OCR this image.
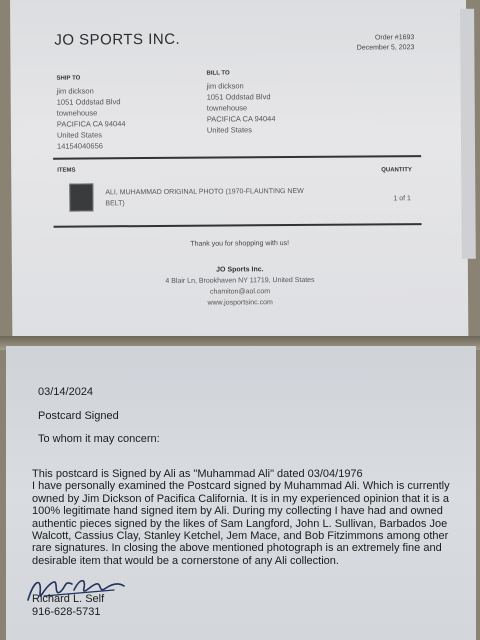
JO SPORTS INC.	Order #1693
December 5, 2023
SHIP TO
jim dickson
1051 Oddstad Blvd
townehouse
PACIFICA CA 94044
United States
14154040656
BILL TO
jim dickson
1051 Oddstad Blvd
townehouse
PACIFICA CA 94044
United States
ITEMS	QUANTITY
ALI, MUHAMMAD ORIGINAL PHOTO (1970-FLAUNTING NEW
BELT)
1 of 1
Thank you for shopping with us!
JO Sports Inc.
4 Blair Ln, Brookhaven NY 11719, United States
chamiton@aol.com
www.josportsinc.com
03/14/2024
Postcard Signed
To whom it may concern:
This postcard is Signed by Ali as "Muhammad Ali" dated 03/04/1976
I have personally examined the Postcard signed by Muhammad Ali. Which is currently
owned by Jim Dickson of Pacifica California. It is in my experienced opinion that it is a
100% legitimate hand signed item by Ali. During my collecting I have had and owned
authentic pieces signed by the likes of Sam Langford, John L. Sullivan, Barbados Joe
Walcott, Cassius Clay, Stanley Ketchel, Jem Mace, and Bob Fitzimmons among other
rare signatures. In closing the above mentioned photograph is an extremely fine and
desirable item that would be a cornerstone of any Ali collection.
Richard L. Self
916-628-5731
